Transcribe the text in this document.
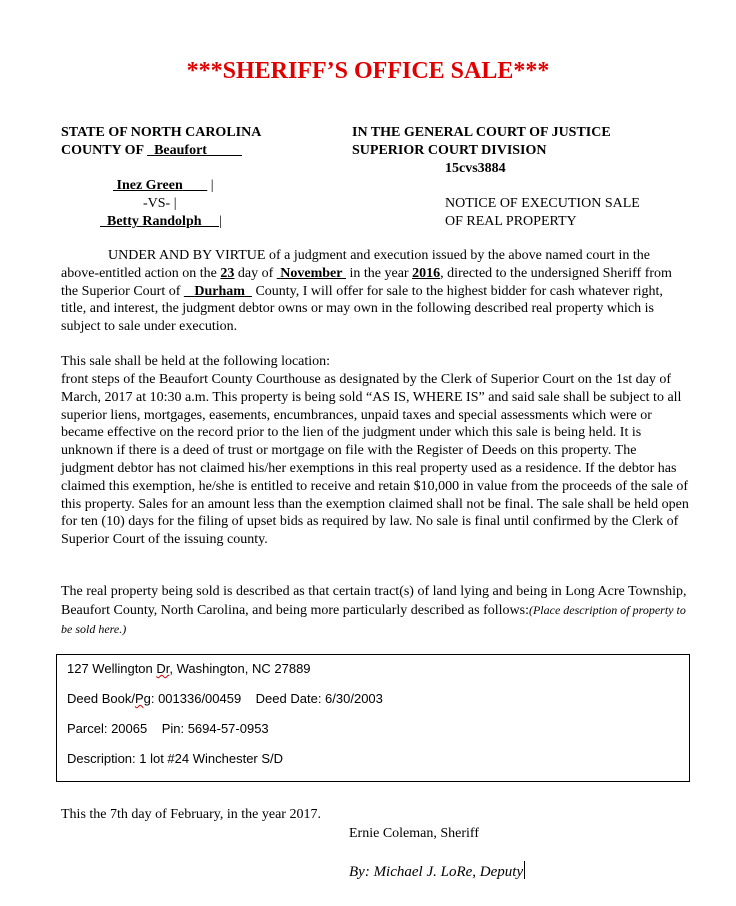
***SHERIFF’S OFFICE SALE***
STATE OF NORTH CAROLINA
COUNTY OF Beaufort
IN THE GENERAL COURT OF JUSTICE
SUPERIOR COURT DIVISION
15cvs3884
Inez Green        |
-VS- |
Betty Randolph |
NOTICE OF EXECUTION SALE
OF REAL PROPERTY
UNDER AND BY VIRTUE of a judgment and execution issued by the above named court in the above-entitled action on the 23 day of  November  in the year 2016, directed to the undersigned Sheriff from the Superior Court of    Durham   County, I will offer for sale to the highest bidder for cash whatever right, title, and interest, the judgment debtor owns or may own in the following described real property which is subject to sale under execution.
This sale shall be held at the following location:
front steps of the Beaufort County Courthouse as designated by the Clerk of Superior Court on the 1st day of March, 2017 at 10:30 a.m. This property is being sold “AS IS, WHERE IS” and said sale shall be subject to all superior liens, mortgages, easements, encumbrances, unpaid taxes and special assessments which were or became effective on the record prior to the lien of the judgment under which this sale is being held. It is unknown if there is a deed of trust or mortgage on file with the Register of Deeds on this property. The judgment debtor has not claimed his/her exemptions in this real property used as a residence. If the debtor has claimed this exemption, he/she is entitled to receive and retain $10,000 in value from the proceeds of the sale of this property. Sales for an amount less than the exemption claimed shall not be final. The sale shall be held open for ten (10) days for the filing of upset bids as required by law. No sale is final until confirmed by the Clerk of Superior Court of the issuing county.
The real property being sold is described as that certain tract(s) of land lying and being in Long Acre Township, Beaufort County, North Carolina, and being more particularly described as follows:(Place description of property to be sold here.)
127 Wellington Dr, Washington, NC 27889
Deed Book/Pg: 001336/00459 Deed Date: 6/30/2003
Parcel: 20065 Pin: 5694-57-0953
Description: 1 lot #24 Winchester S/D
This the 7th day of February, in the year 2017.
Ernie Coleman, Sheriff
By: Michael J. LoRe, Deputy
